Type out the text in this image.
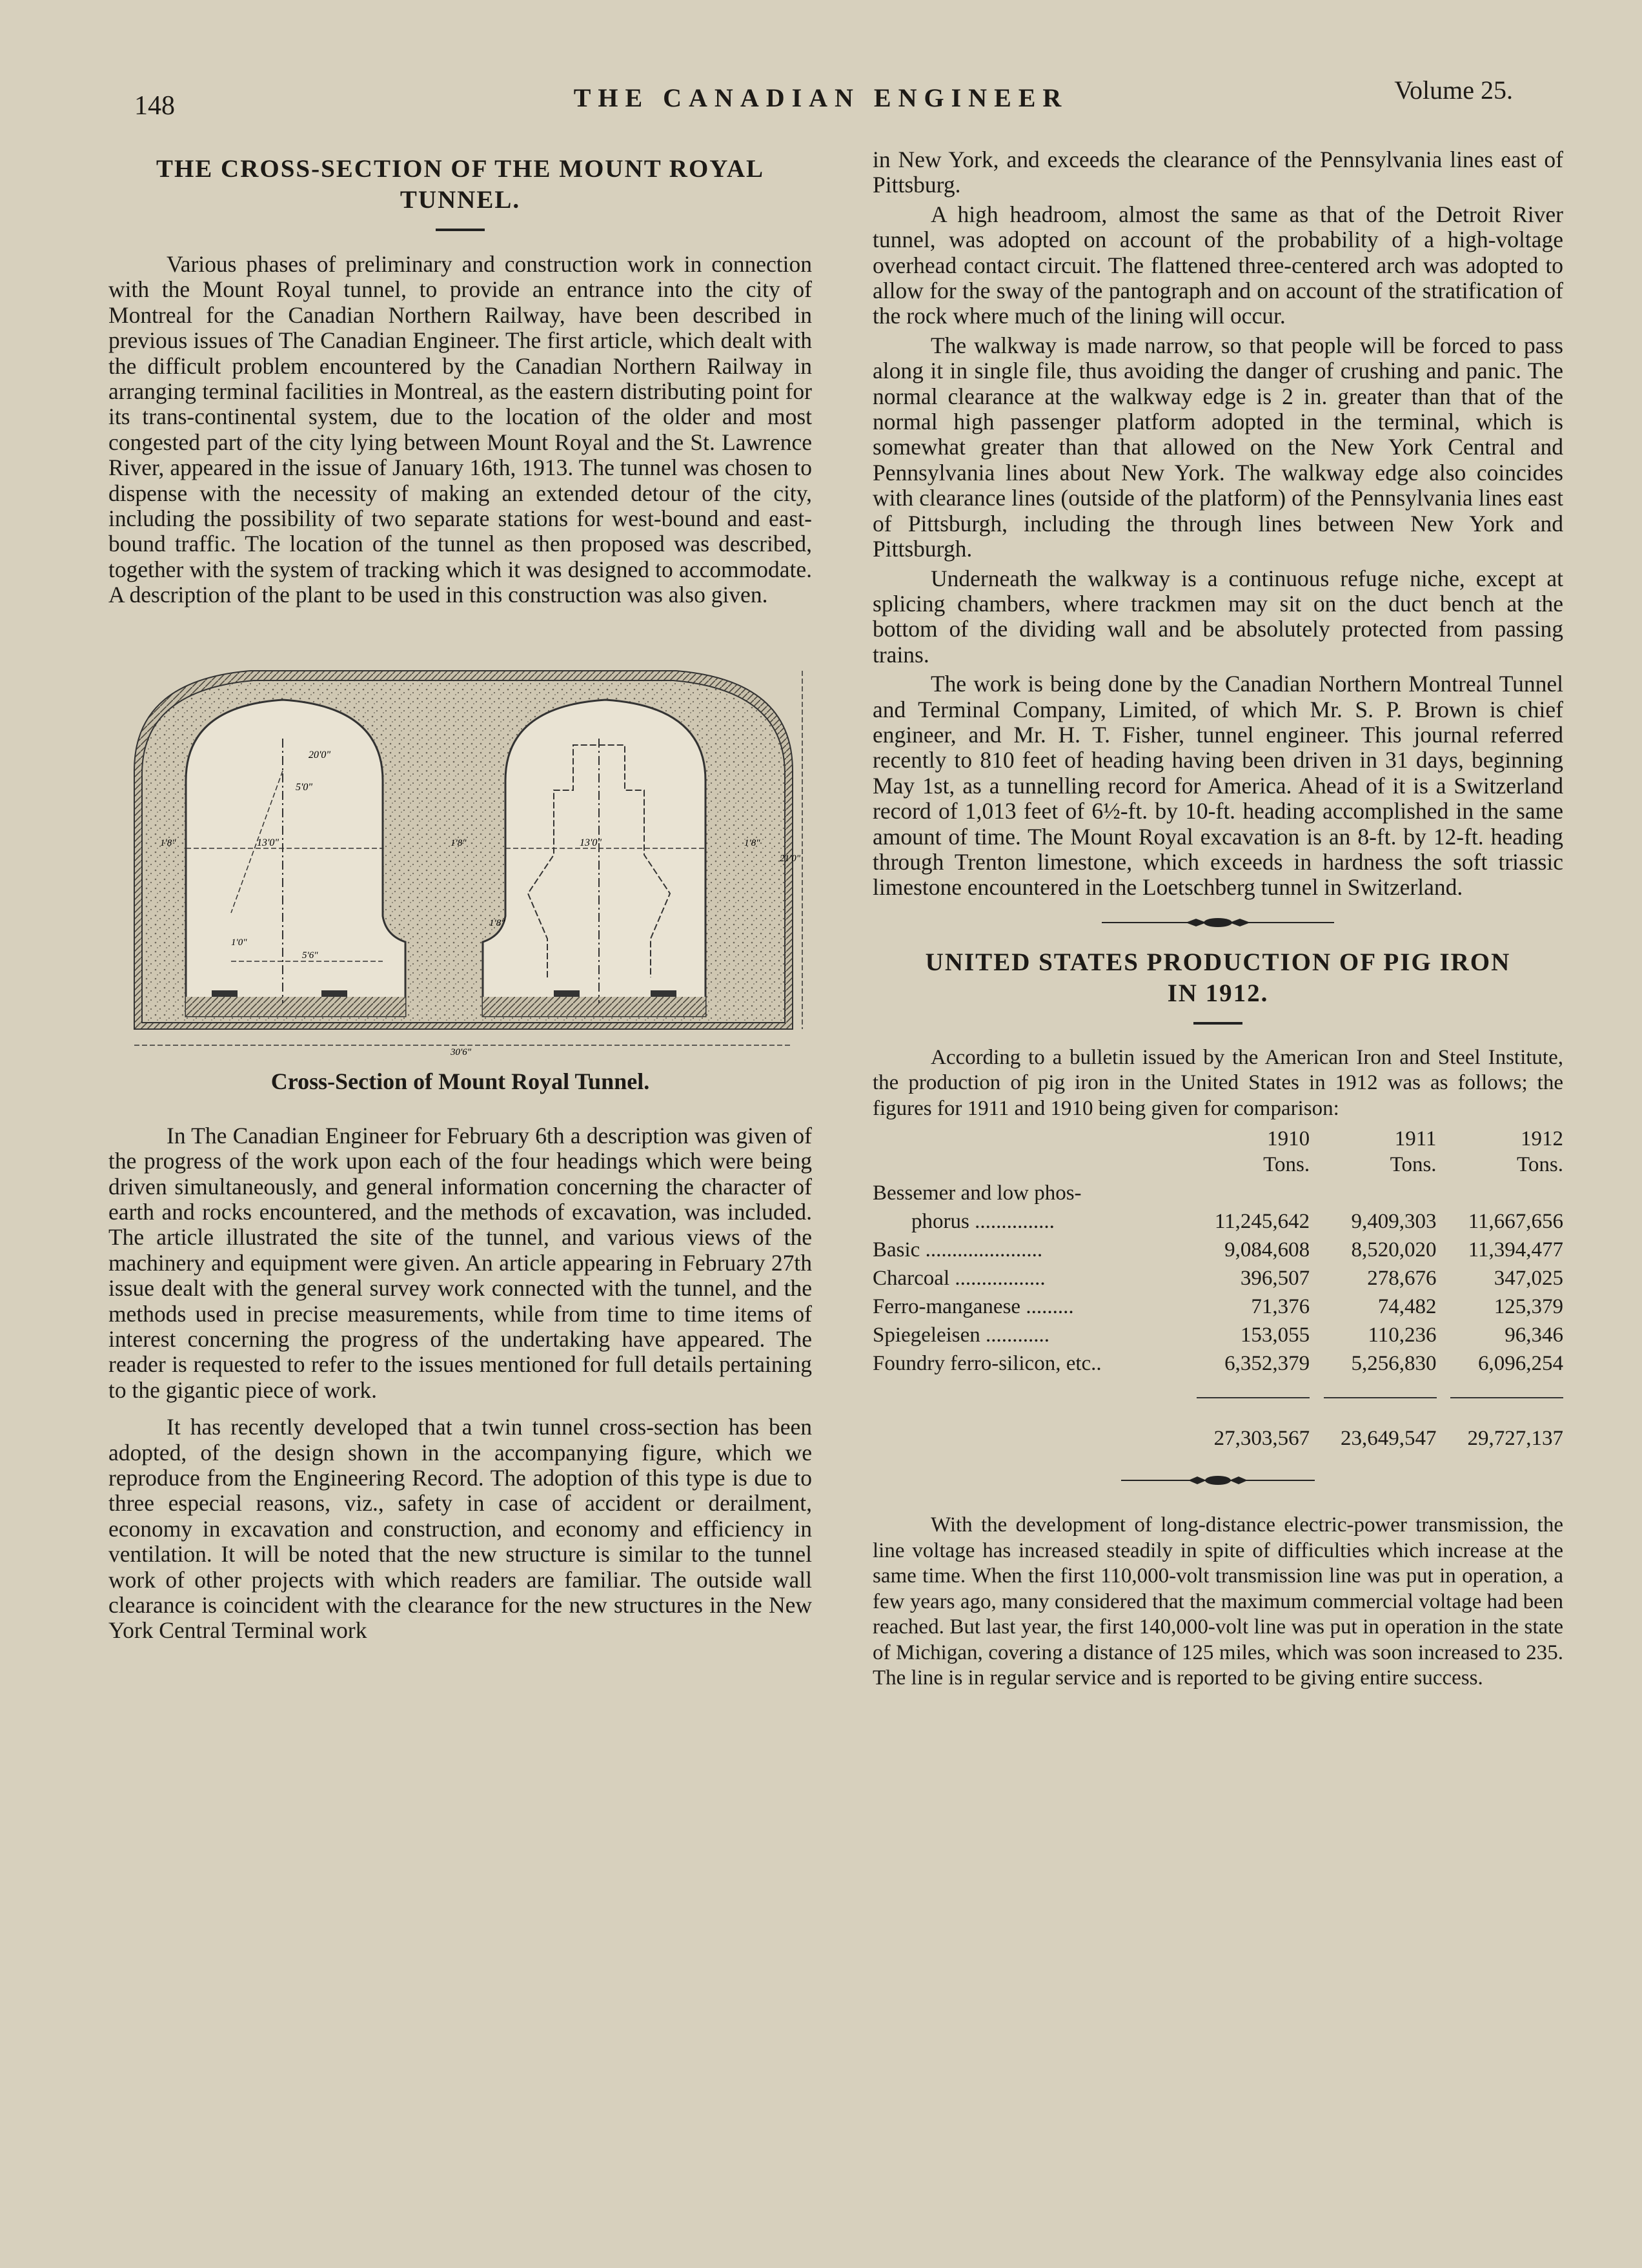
148	THE CANADIAN ENGINEER	Volume 25.
THE CROSS-SECTION OF THE MOUNT ROYAL
TUNNEL.

Various phases of preliminary and construction work in connection with the Mount Royal tunnel, to provide an entrance into the city of Montreal for the Canadian Northern Railway, have been described in previous issues of The Canadian Engineer. The first article, which dealt with the difficult problem encountered by the Canadian Northern Railway in arranging terminal facilities in Montreal, as the eastern distributing point for its trans-continental system, due to the location of the older and most congested part of the city lying between Mount Royal and the St. Lawrence River, appeared in the issue of January 16th, 1913. The tunnel was chosen to dispense with the necessity of making an extended detour of the city, including the possibility of two separate stations for west-bound and east-bound traffic. The location of the tunnel as then proposed was described, together with the system of tracking which it was designed to accommodate. A description of the plant to be used in this construction was also given.

13'0"	13'0"
5'0"
20'0"
1'8"	1'8"	1'8"
1'8"
5'6"
1'0"
21'0"
30'6"
Cross-Section of Mount Royal Tunnel.

In The Canadian Engineer for February 6th a description was given of the progress of the work upon each of the four headings which were being driven simultaneously, and general information concerning the character of earth and rocks encountered, and the methods of excavation, was included. The article illustrated the site of the tunnel, and various views of the machinery and equipment were given. An article appearing in February 27th issue dealt with the general survey work connected with the tunnel, and the methods used in precise measurements, while from time to time items of interest concerning the progress of the undertaking have appeared. The reader is requested to refer to the issues mentioned for full details pertaining to the gigantic piece of work.

It has recently developed that a twin tunnel cross-section has been adopted, of the design shown in the accompanying figure, which we reproduce from the Engineering Record. The adoption of this type is due to three especial reasons, viz., safety in case of accident or derailment, economy in excavation and construction, and economy and efficiency in ventilation. It will be noted that the new structure is similar to the tunnel work of other projects with which readers are familiar. The outside wall clearance is coincident with the clearance for the new structures in the New York Central Terminal work

in New York, and exceeds the clearance of the Pennsylvania lines east of Pittsburg.

A high headroom, almost the same as that of the Detroit River tunnel, was adopted on account of the probability of a high-voltage overhead contact circuit. The flattened three-centered arch was adopted to allow for the sway of the pantograph and on account of the stratification of the rock where much of the lining will occur.

The walkway is made narrow, so that people will be forced to pass along it in single file, thus avoiding the danger of crushing and panic. The normal clearance at the walkway edge is 2 in. greater than that of the normal high passenger platform adopted in the terminal, which is somewhat greater than that allowed on the New York Central and Pennsylvania lines about New York. The walkway edge also coincides with clearance lines (outside of the platform) of the Pennsylvania lines east of Pittsburgh, including the through lines between New York and Pittsburgh.

Underneath the walkway is a continuous refuge niche, except at splicing chambers, where trackmen may sit on the duct bench at the bottom of the dividing wall and be absolutely protected from passing trains.

The work is being done by the Canadian Northern Montreal Tunnel and Terminal Company, Limited, of which Mr. S. P. Brown is chief engineer, and Mr. H. T. Fisher, tunnel engineer. This journal referred recently to 810 feet of heading having been driven in 31 days, beginning May 1st, as a tunnelling record for America. Ahead of it is a Switzerland record of 1,013 feet of 6½-ft. by 10-ft. heading accomplished in the same amount of time. The Mount Royal excavation is an 8-ft. by 12-ft. heading through Trenton limestone, which exceeds in hardness the soft triassic limestone encountered in the Loetschberg tunnel in Switzerland.

UNITED STATES PRODUCTION OF PIG IRON
IN 1912.

According to a bulletin issued by the American Iron and Steel Institute, the production of pig iron in the United States in 1912 was as follows; the figures for 1911 and 1910 being given for comparison:

	1910	1911	1912
	Tons.	Tons.	Tons.
Bessemer and low phos-			
phorus ...............	11,245,642	9,409,303	11,667,656
Basic ......................	9,084,608	8,520,020	11,394,477
Charcoal .................	396,507	278,676	347,025
Ferro-manganese .........	71,376	74,482	125,379
Spiegeleisen ............	153,055	110,236	96,346
Foundry ferro-silicon, etc..	6,352,379	5,256,830	6,096,254

	27,303,567	23,649,547	29,727,137

With the development of long-distance electric-power transmission, the line voltage has increased steadily in spite of difficulties which increase at the same time. When the first 110,000-volt transmission line was put in operation, a few years ago, many considered that the maximum commercial voltage had been reached. But last year, the first 140,000-volt line was put in operation in the state of Michigan, covering a distance of 125 miles, which was soon increased to 235. The line is in regular service and is reported to be giving entire success.
